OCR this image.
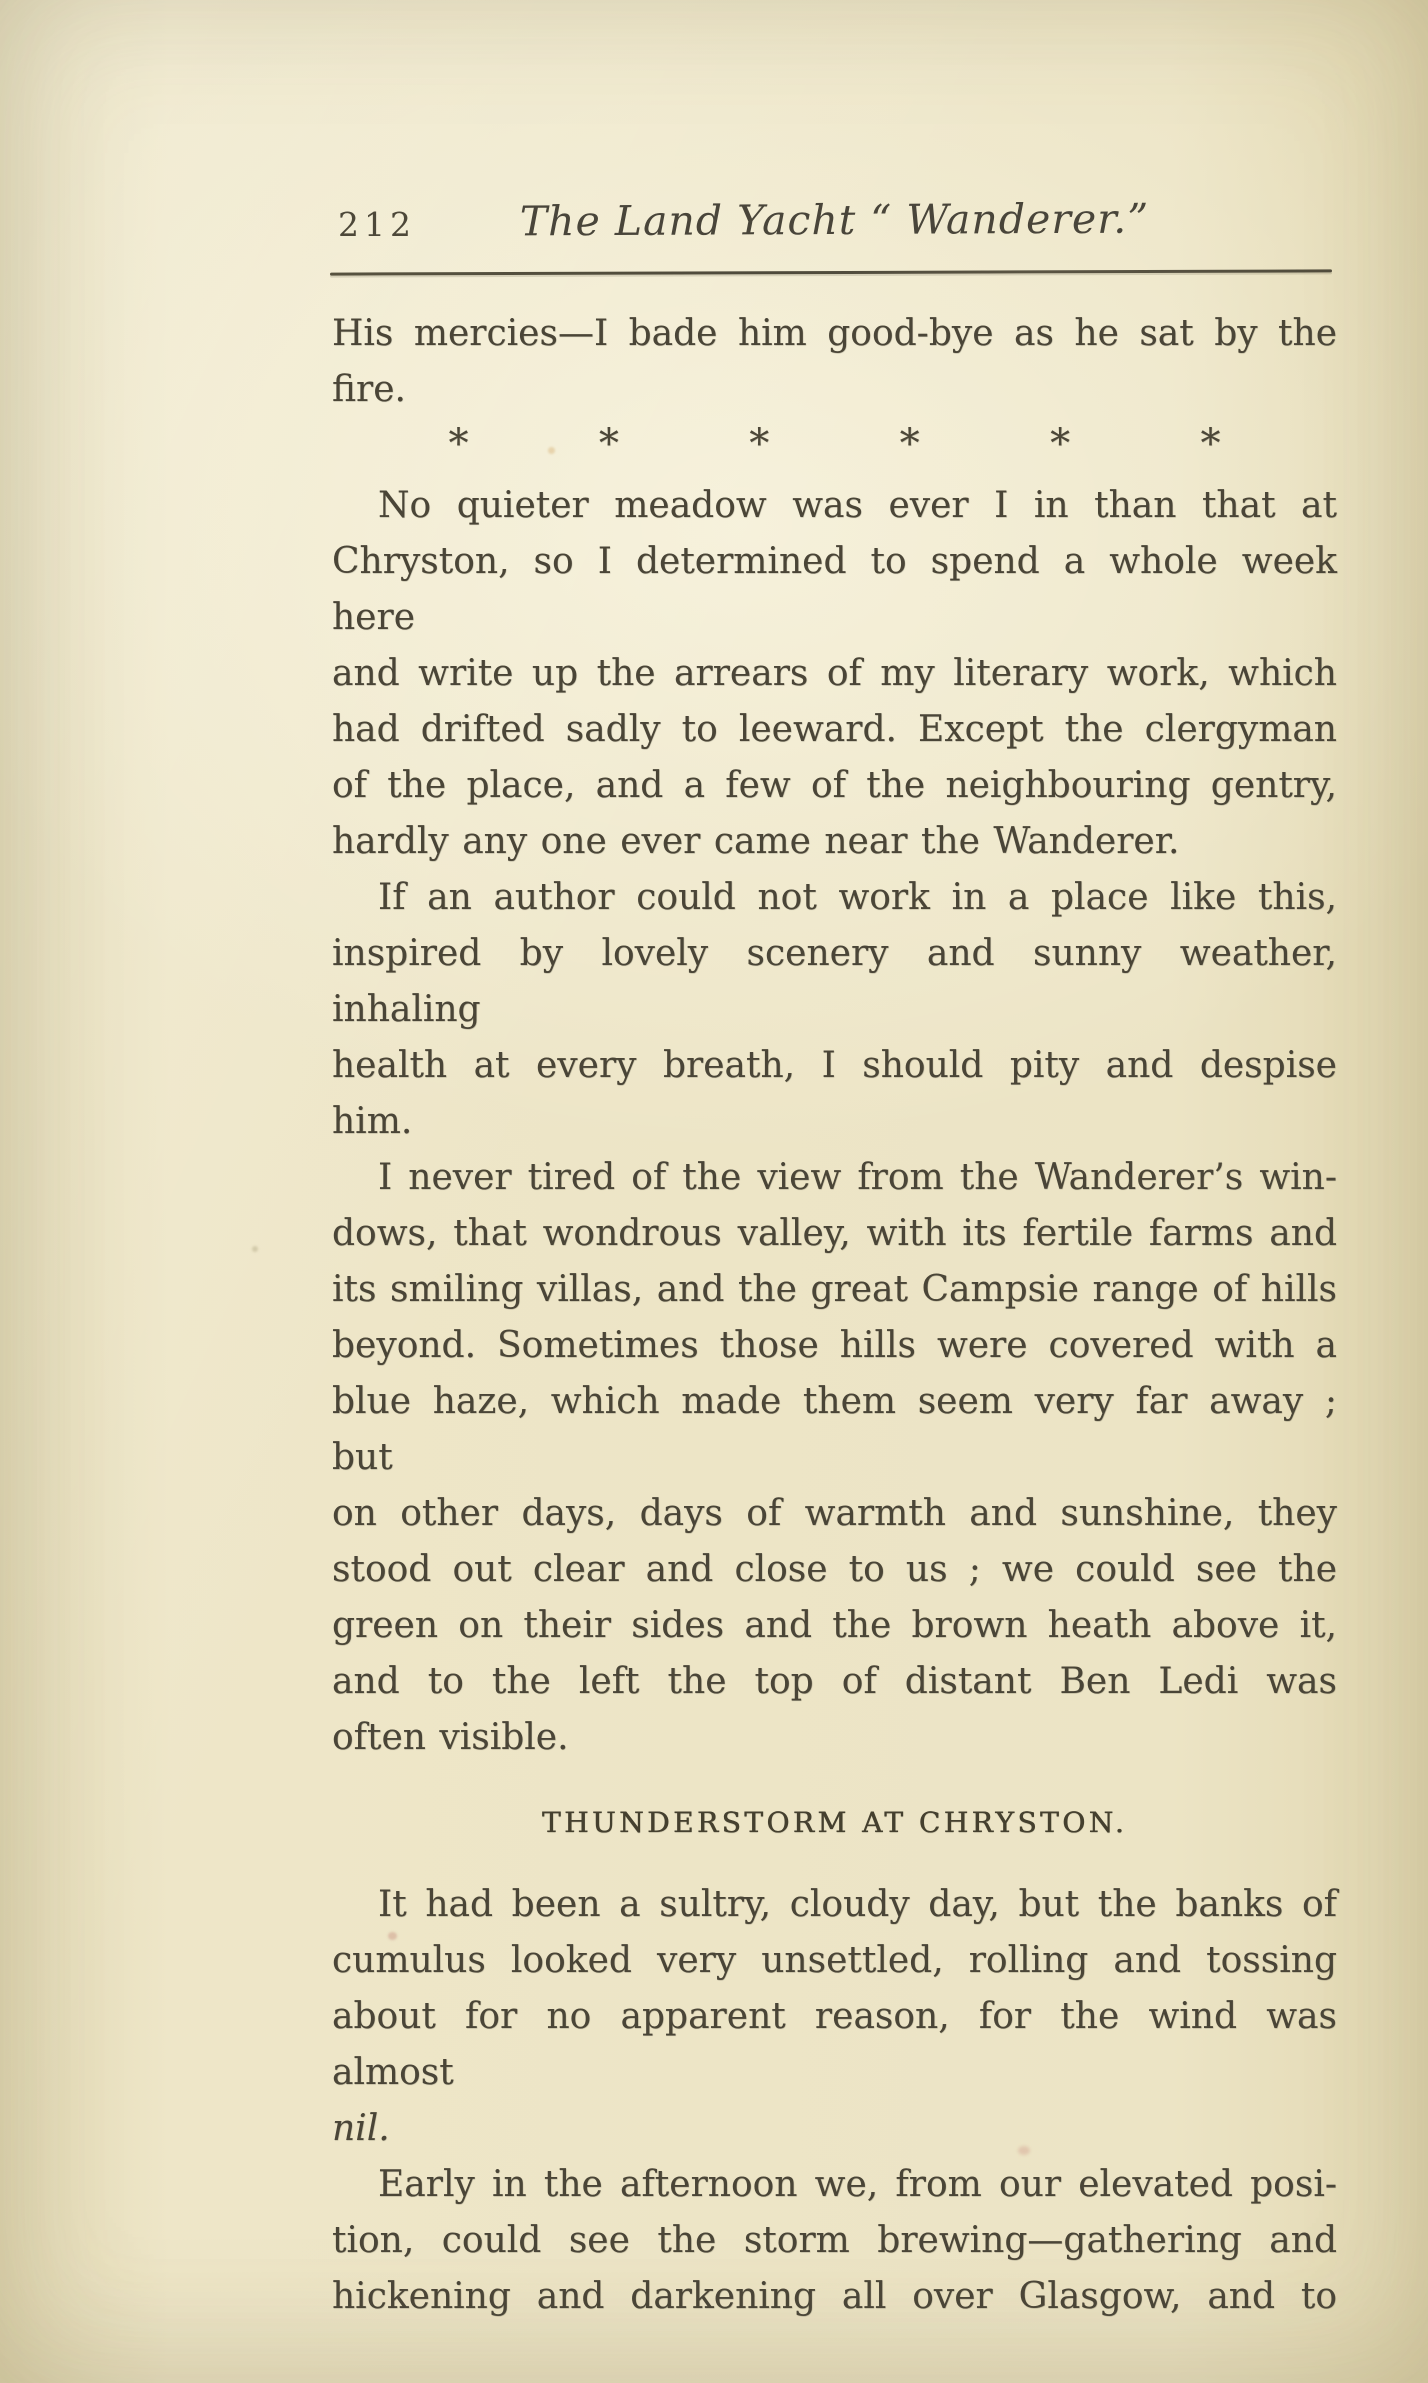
212	The Land Yacht “ Wanderer.”
His mercies—I bade him good-bye as he sat by the
fire.
*	*	*	*	*	*
No quieter meadow was ever I in than that at
Chryston, so I determined to spend a whole week here
and write up the arrears of my literary work, which
had drifted sadly to leeward. Except the clergyman
of the place, and a few of the neighbouring gentry,
hardly any one ever came near the Wanderer.
If an author could not work in a place like this,
inspired by lovely scenery and sunny weather, inhaling
health at every breath, I should pity and despise
him.
I never tired of the view from the Wanderer’s win-
dows, that wondrous valley, with its fertile farms and
its smiling villas, and the great Campsie range of hills
beyond. Sometimes those hills were covered with a
blue haze, which made them seem very far away ; but
on other days, days of warmth and sunshine, they
stood out clear and close to us ; we could see the
green on their sides and the brown heath above it,
and to the left the top of distant Ben Ledi was
often visible.
THUNDERSTORM AT CHRYSTON.
It had been a sultry, cloudy day, but the banks of
cumulus looked very unsettled, rolling and tossing
about for no apparent reason, for the wind was almost
nil.
Early in the afternoon we, from our elevated posi-
tion, could see the storm brewing—gathering and
hickening and darkening all over Glasgow, and to
